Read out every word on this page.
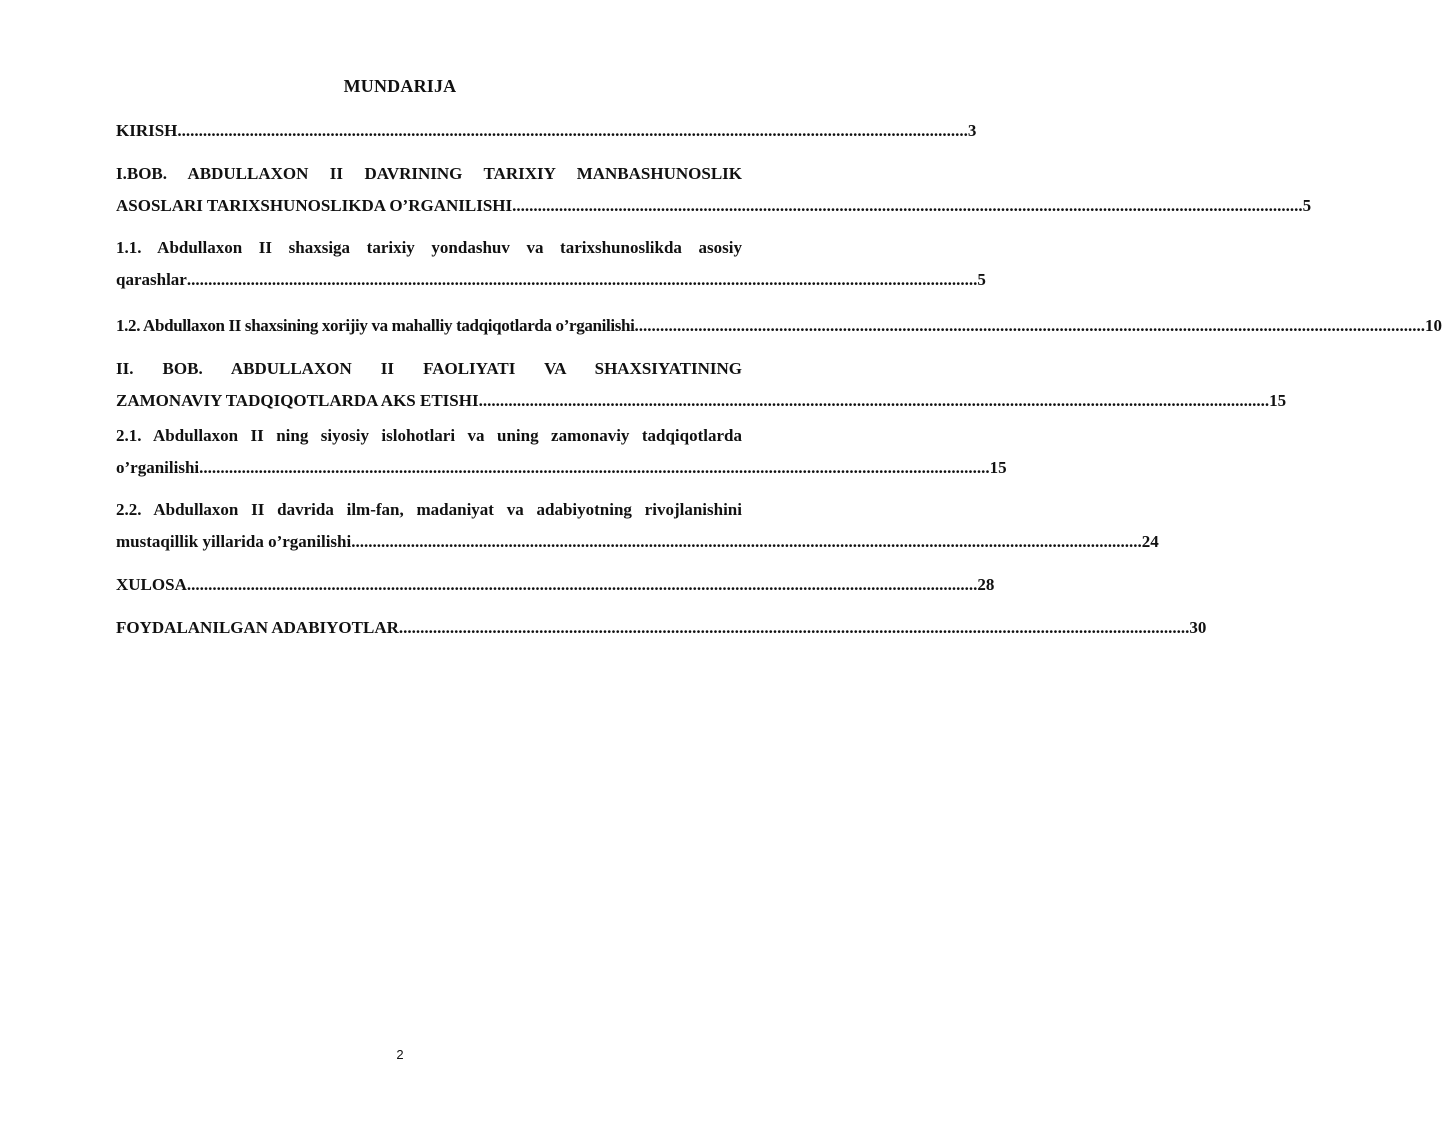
MUNDARIJA
KIRISH .......................................................................................................................................................................................... 3
I.BOB. ABDULLAXON II DAVRINING TARIXIY MANBASHUNOSLIK
ASOSLARI TARIXSHUNOSLIKDA O’RGANILISHI .......................................................................................................................................................................................... 5
1.1. Abdullaxon II shaxsiga tarixiy yondashuv va tarixshunoslikda asosiy
qarashlar .......................................................................................................................................................................................... 5
1.2. Abdullaxon II shaxsining xorijiy va mahalliy tadqiqotlarda o’rganilishi .......................................................................................................................................................................................... 10
II. BOB. ABDULLAXON II FAOLIYATI VA SHAXSIYATINING
ZAMONAVIY TADQIQOTLARDA AKS ETISHI .......................................................................................................................................................................................... 15
2.1. Abdullaxon II ning siyosiy islohotlari va uning zamonaviy tadqiqotlarda
o’rganilishi .......................................................................................................................................................................................... 15
2.2. Abdullaxon II davrida ilm-fan, madaniyat va adabiyotning rivojlanishini
mustaqillik yillarida o’rganilishi .......................................................................................................................................................................................... 24
XULOSA .......................................................................................................................................................................................... 28
FOYDALANILGAN ADABIYOTLAR .......................................................................................................................................................................................... 30
2
